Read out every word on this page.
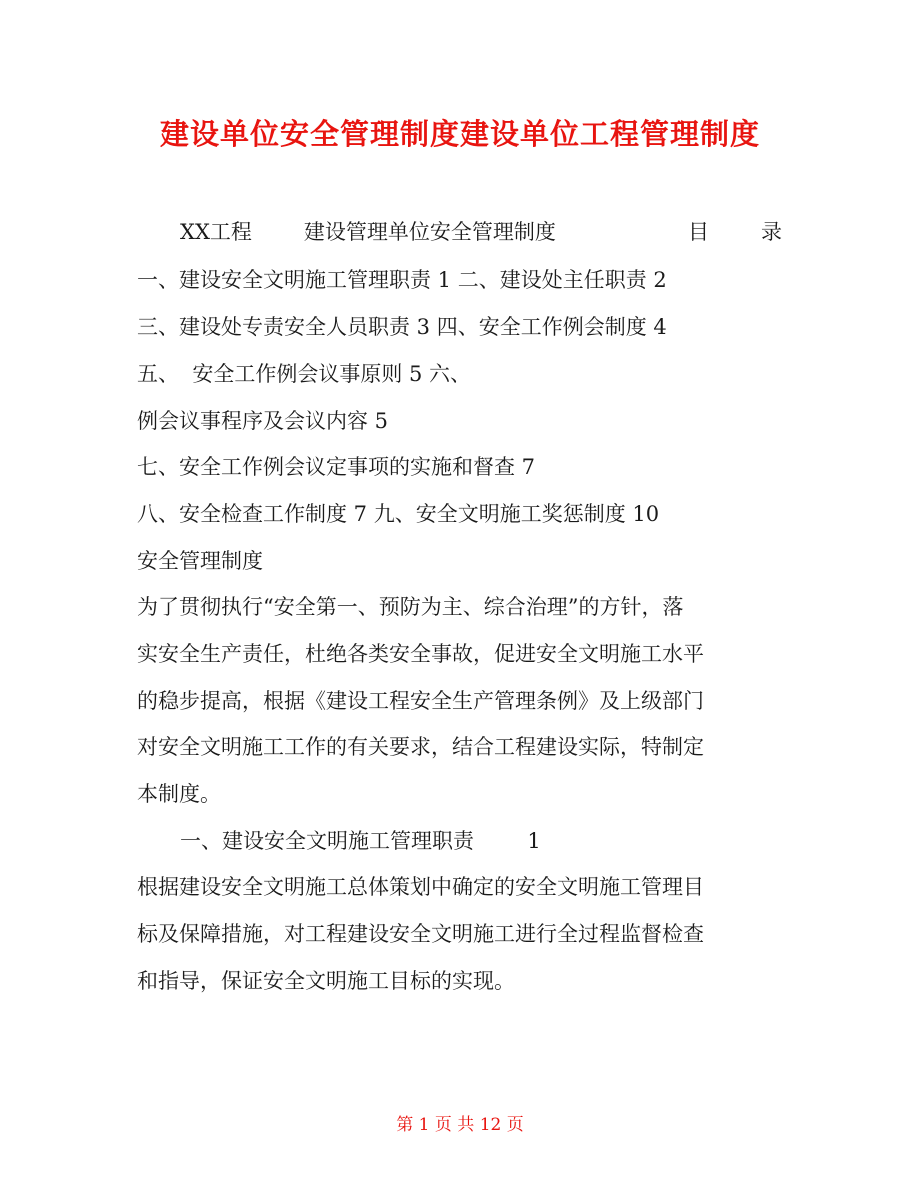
建设单位安全管理制度建设单位工程管理制度
XX工程 建设管理单位安全管理制度	目 录
一、建设安全文明施工管理职责 1 二、建设处主任职责 2
三、建设处专责安全人员职责 3 四、安全工作例会制度 4
五、  安全工作例会议事原则 5 六、
例会议事程序及会议内容 5
七、安全工作例会议定事项的实施和督查 7
八、安全检查工作制度 7 九、安全文明施工奖惩制度 10
安全管理制度
为了贯彻执行“安全第一、预防为主、综合治理”的方针，落
实安全生产责任，杜绝各类安全事故，促进安全文明施工水平
的稳步提高，根据《建设工程安全生产管理条例》及上级部门
对安全文明施工工作的有关要求，结合工程建设实际，特制定
本制度。
一、建设安全文明施工管理职责        1
根据建设安全文明施工总体策划中确定的安全文明施工管理目
标及保障措施，对工程建设安全文明施工进行全过程监督检查
和指导，保证安全文明施工目标的实现。
第 1 页 共 12 页
